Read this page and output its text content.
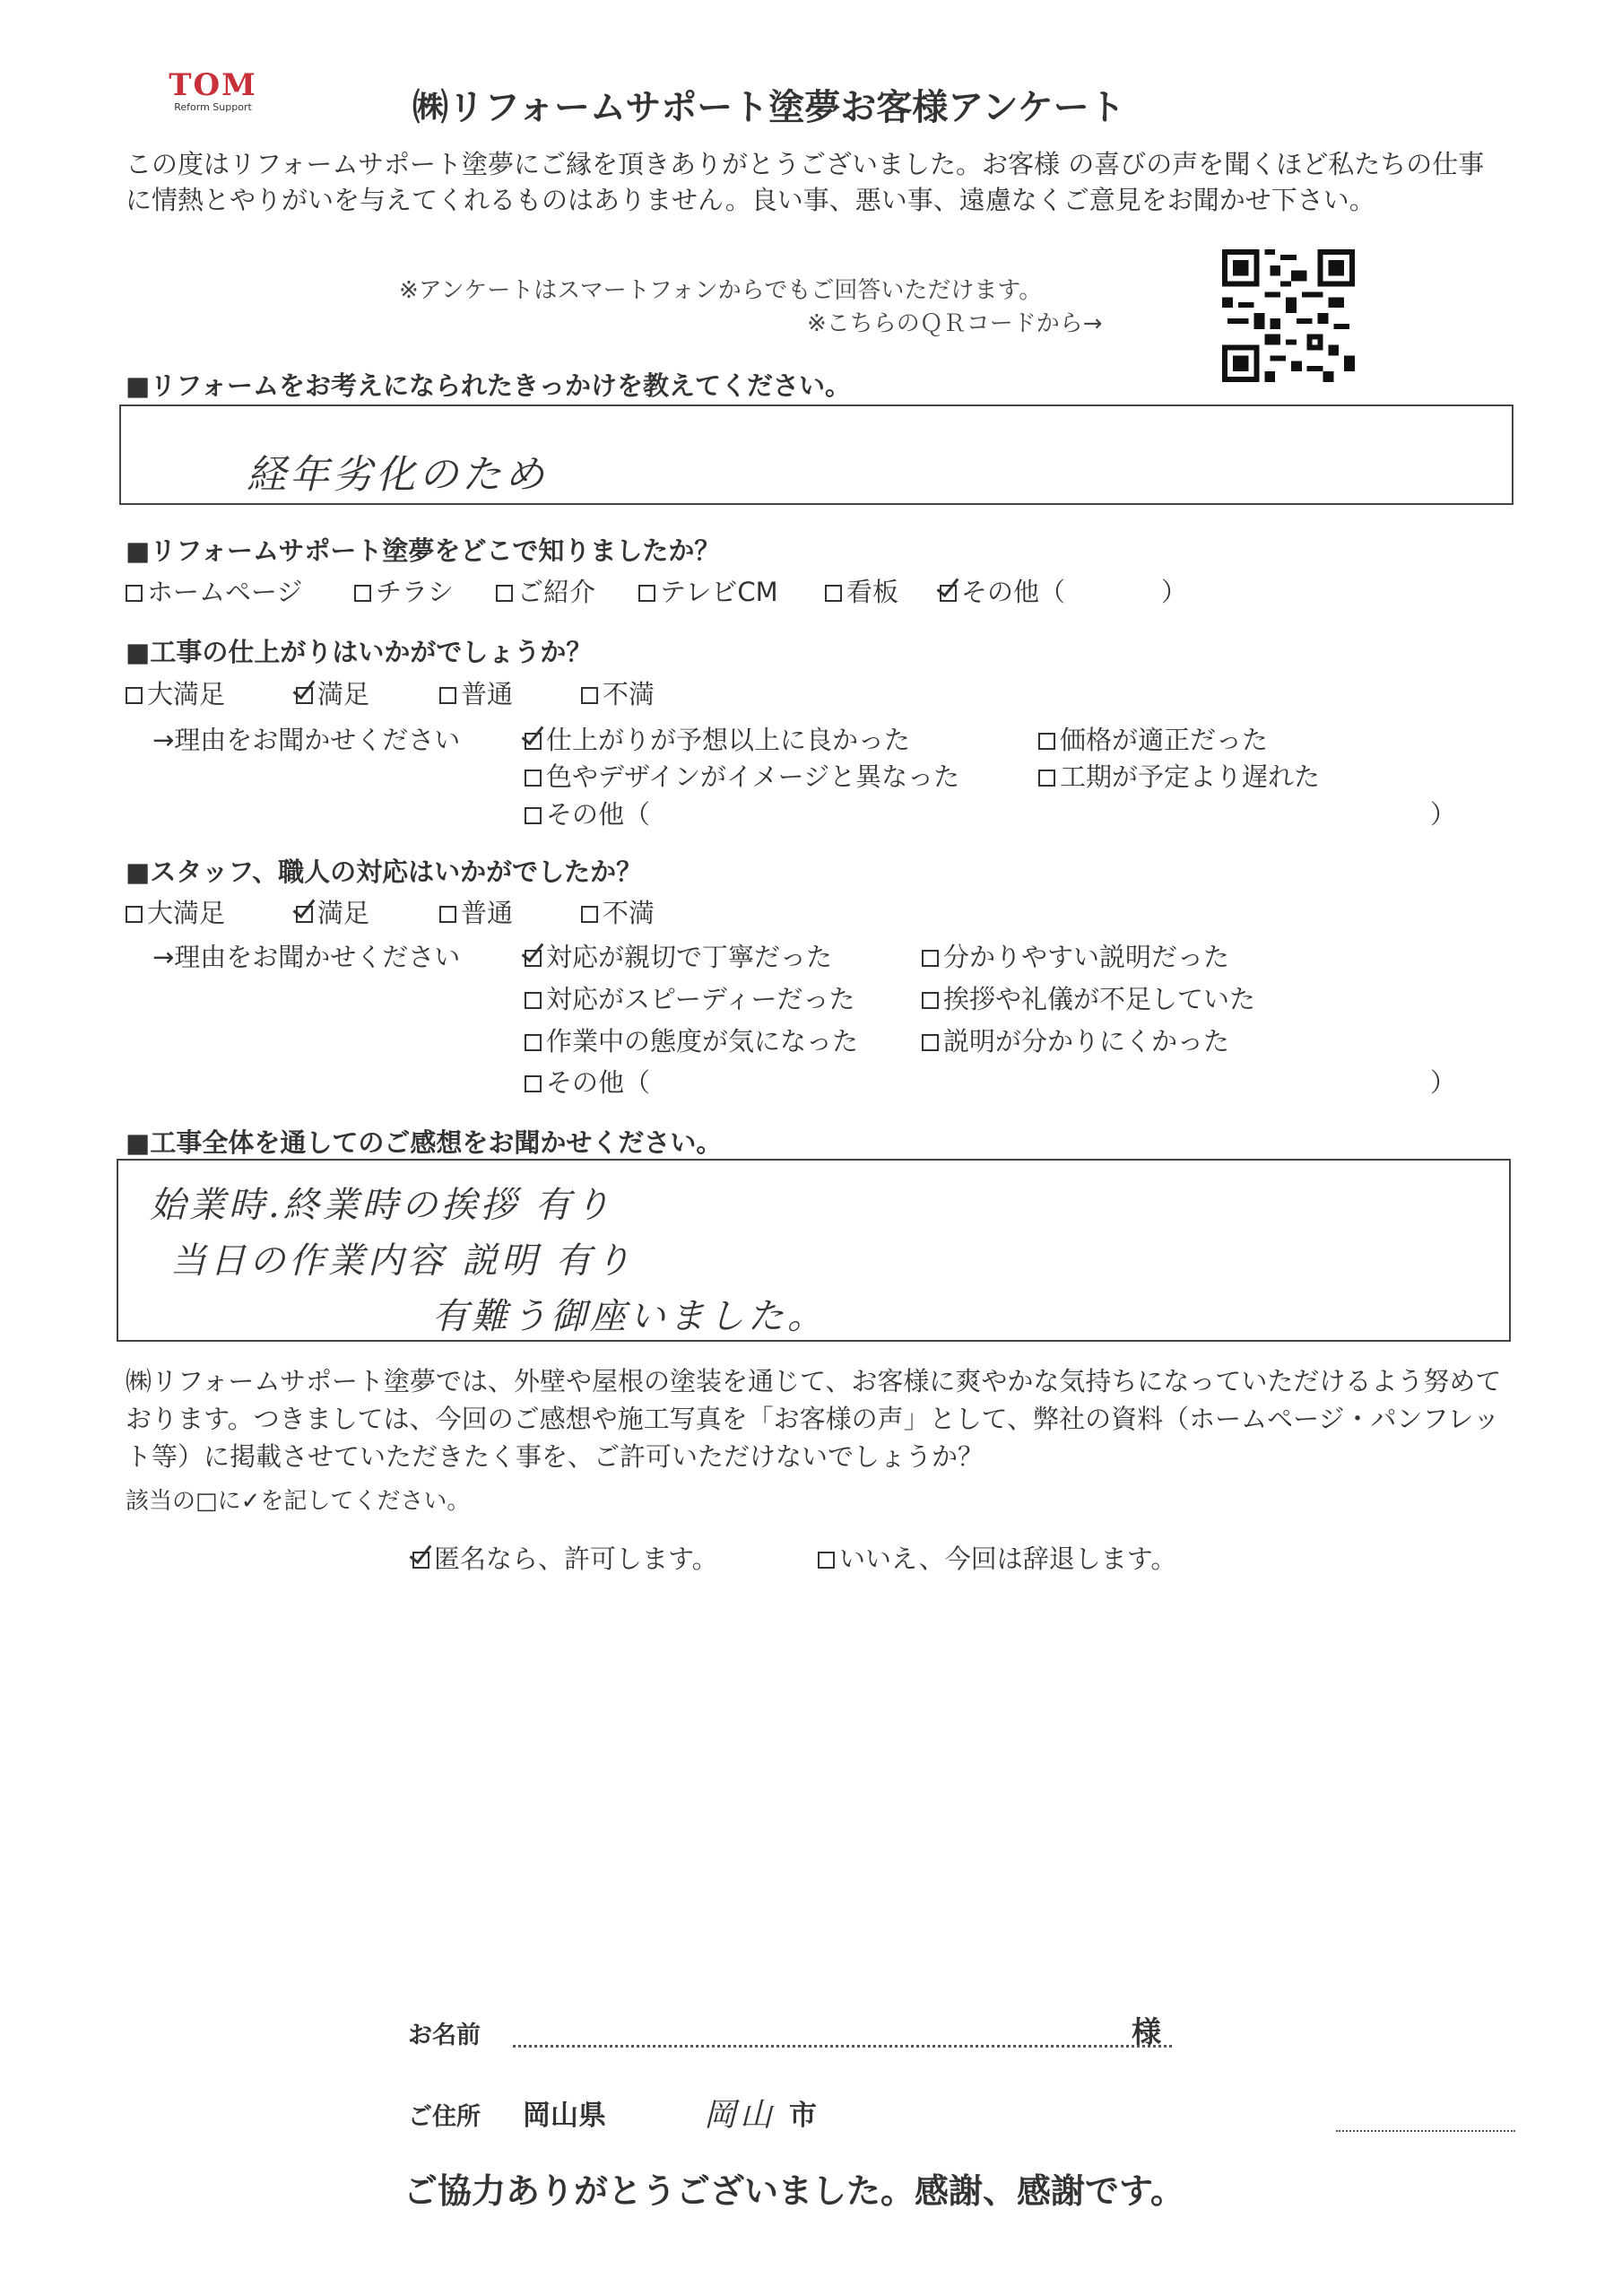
TOM
Reform Support	㈱リフォームサポート塗夢お客様アンケート
この度はリフォームサポート塗夢にご縁を頂きありがとうございました。お客様 の喜びの声を聞くほど私たちの仕事に情熱とやりがいを与えてくれるものはありません。良い事、悪い事、遠慮なくご意見をお聞かせ下さい。
※アンケートはスマートフォンからでもご回答いただけます。
※こちらのＱＲコードから→
■リフォームをお考えになられたきっかけを教えてください。
経年劣化のため
■リフォームサポート塗夢をどこで知りましたか？
ホームページ	チラシ	ご紹介	テレビCM	看板	その他（	）
■工事の仕上がりはいかがでしょうか？
大満足	満足	普通	不満
→理由をお聞かせください	仕上がりが予想以上に良かった	価格が適正だった
色やデザインがイメージと異なった	工期が予定より遅れた
その他（	）
■スタッフ、職人の対応はいかがでしたか？
大満足	満足	普通	不満
→理由をお聞かせください	対応が親切で丁寧だった	分かりやすい説明だった
対応がスピーディーだった	挨拶や礼儀が不足していた
作業中の態度が気になった	説明が分かりにくかった
その他（	）
■工事全体を通してのご感想をお聞かせください。
始業時.終業時の挨拶 有り
当日の作業内容 説明 有り
有難う御座いました。
㈱リフォームサポート塗夢では、外壁や屋根の塗装を通じて、お客様に爽やかな気持ちになっていただけるよう努めております。つきましては、今回のご感想や施工写真を「お客様の声」として、弊社の資料（ホームページ・パンフレット等）に掲載させていただきたく事を、ご許可いただけないでしょうか？
該当の□に✓を記してください。
匿名なら、許可します。	いいえ、今回は辞退します。
お名前	様
ご住所 岡山県	岡山 市
ご協力ありがとうございました。感謝、感謝です。
